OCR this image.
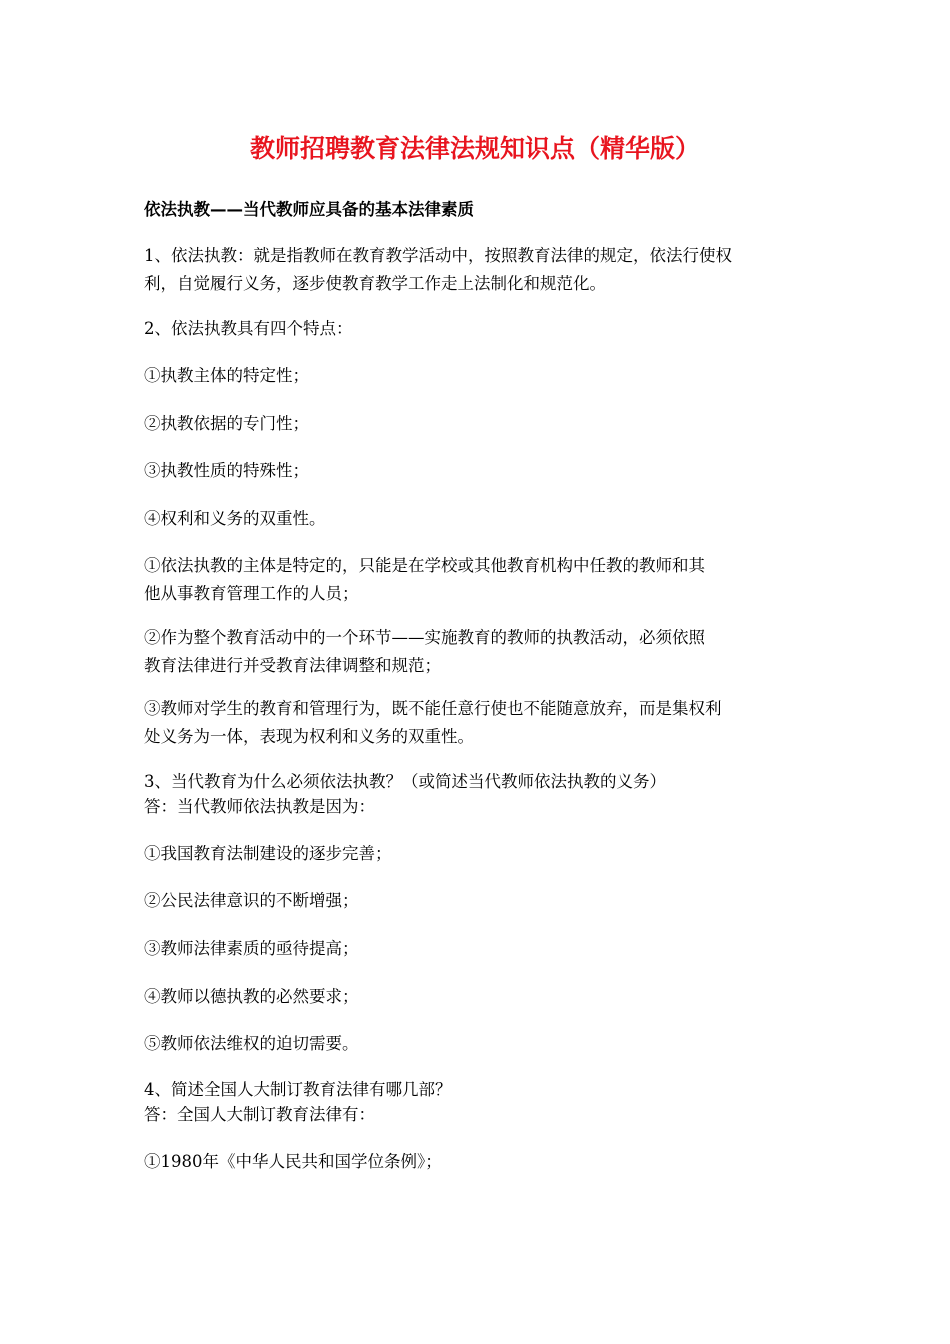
教师招聘教育法律法规知识点（精华版）
依法执教——当代教师应具备的基本法律素质
1、依法执教：就是指教师在教育教学活动中，按照教育法律的规定，依法行使权
利，自觉履行义务，逐步使教育教学工作走上法制化和规范化。
2、依法执教具有四个特点：
①执教主体的特定性；
②执教依据的专门性；
③执教性质的特殊性；
④权利和义务的双重性。
①依法执教的主体是特定的，只能是在学校或其他教育机构中任教的教师和其
他从事教育管理工作的人员；
②作为整个教育活动中的一个环节——实施教育的教师的执教活动，必须依照
教育法律进行并受教育法律调整和规范；
③教师对学生的教育和管理行为，既不能任意行使也不能随意放弃，而是集权利
处义务为一体，表现为权利和义务的双重性。
3、当代教育为什么必须依法执教？（或简述当代教师依法执教的义务）
答：当代教师依法执教是因为：
①我国教育法制建设的逐步完善；
②公民法律意识的不断增强；
③教师法律素质的亟待提高；
④教师以德执教的必然要求；
⑤教师依法维权的迫切需要。
4、简述全国人大制订教育法律有哪几部？
答：全国人大制订教育法律有：
①1980年《中华人民共和国学位条例》；
